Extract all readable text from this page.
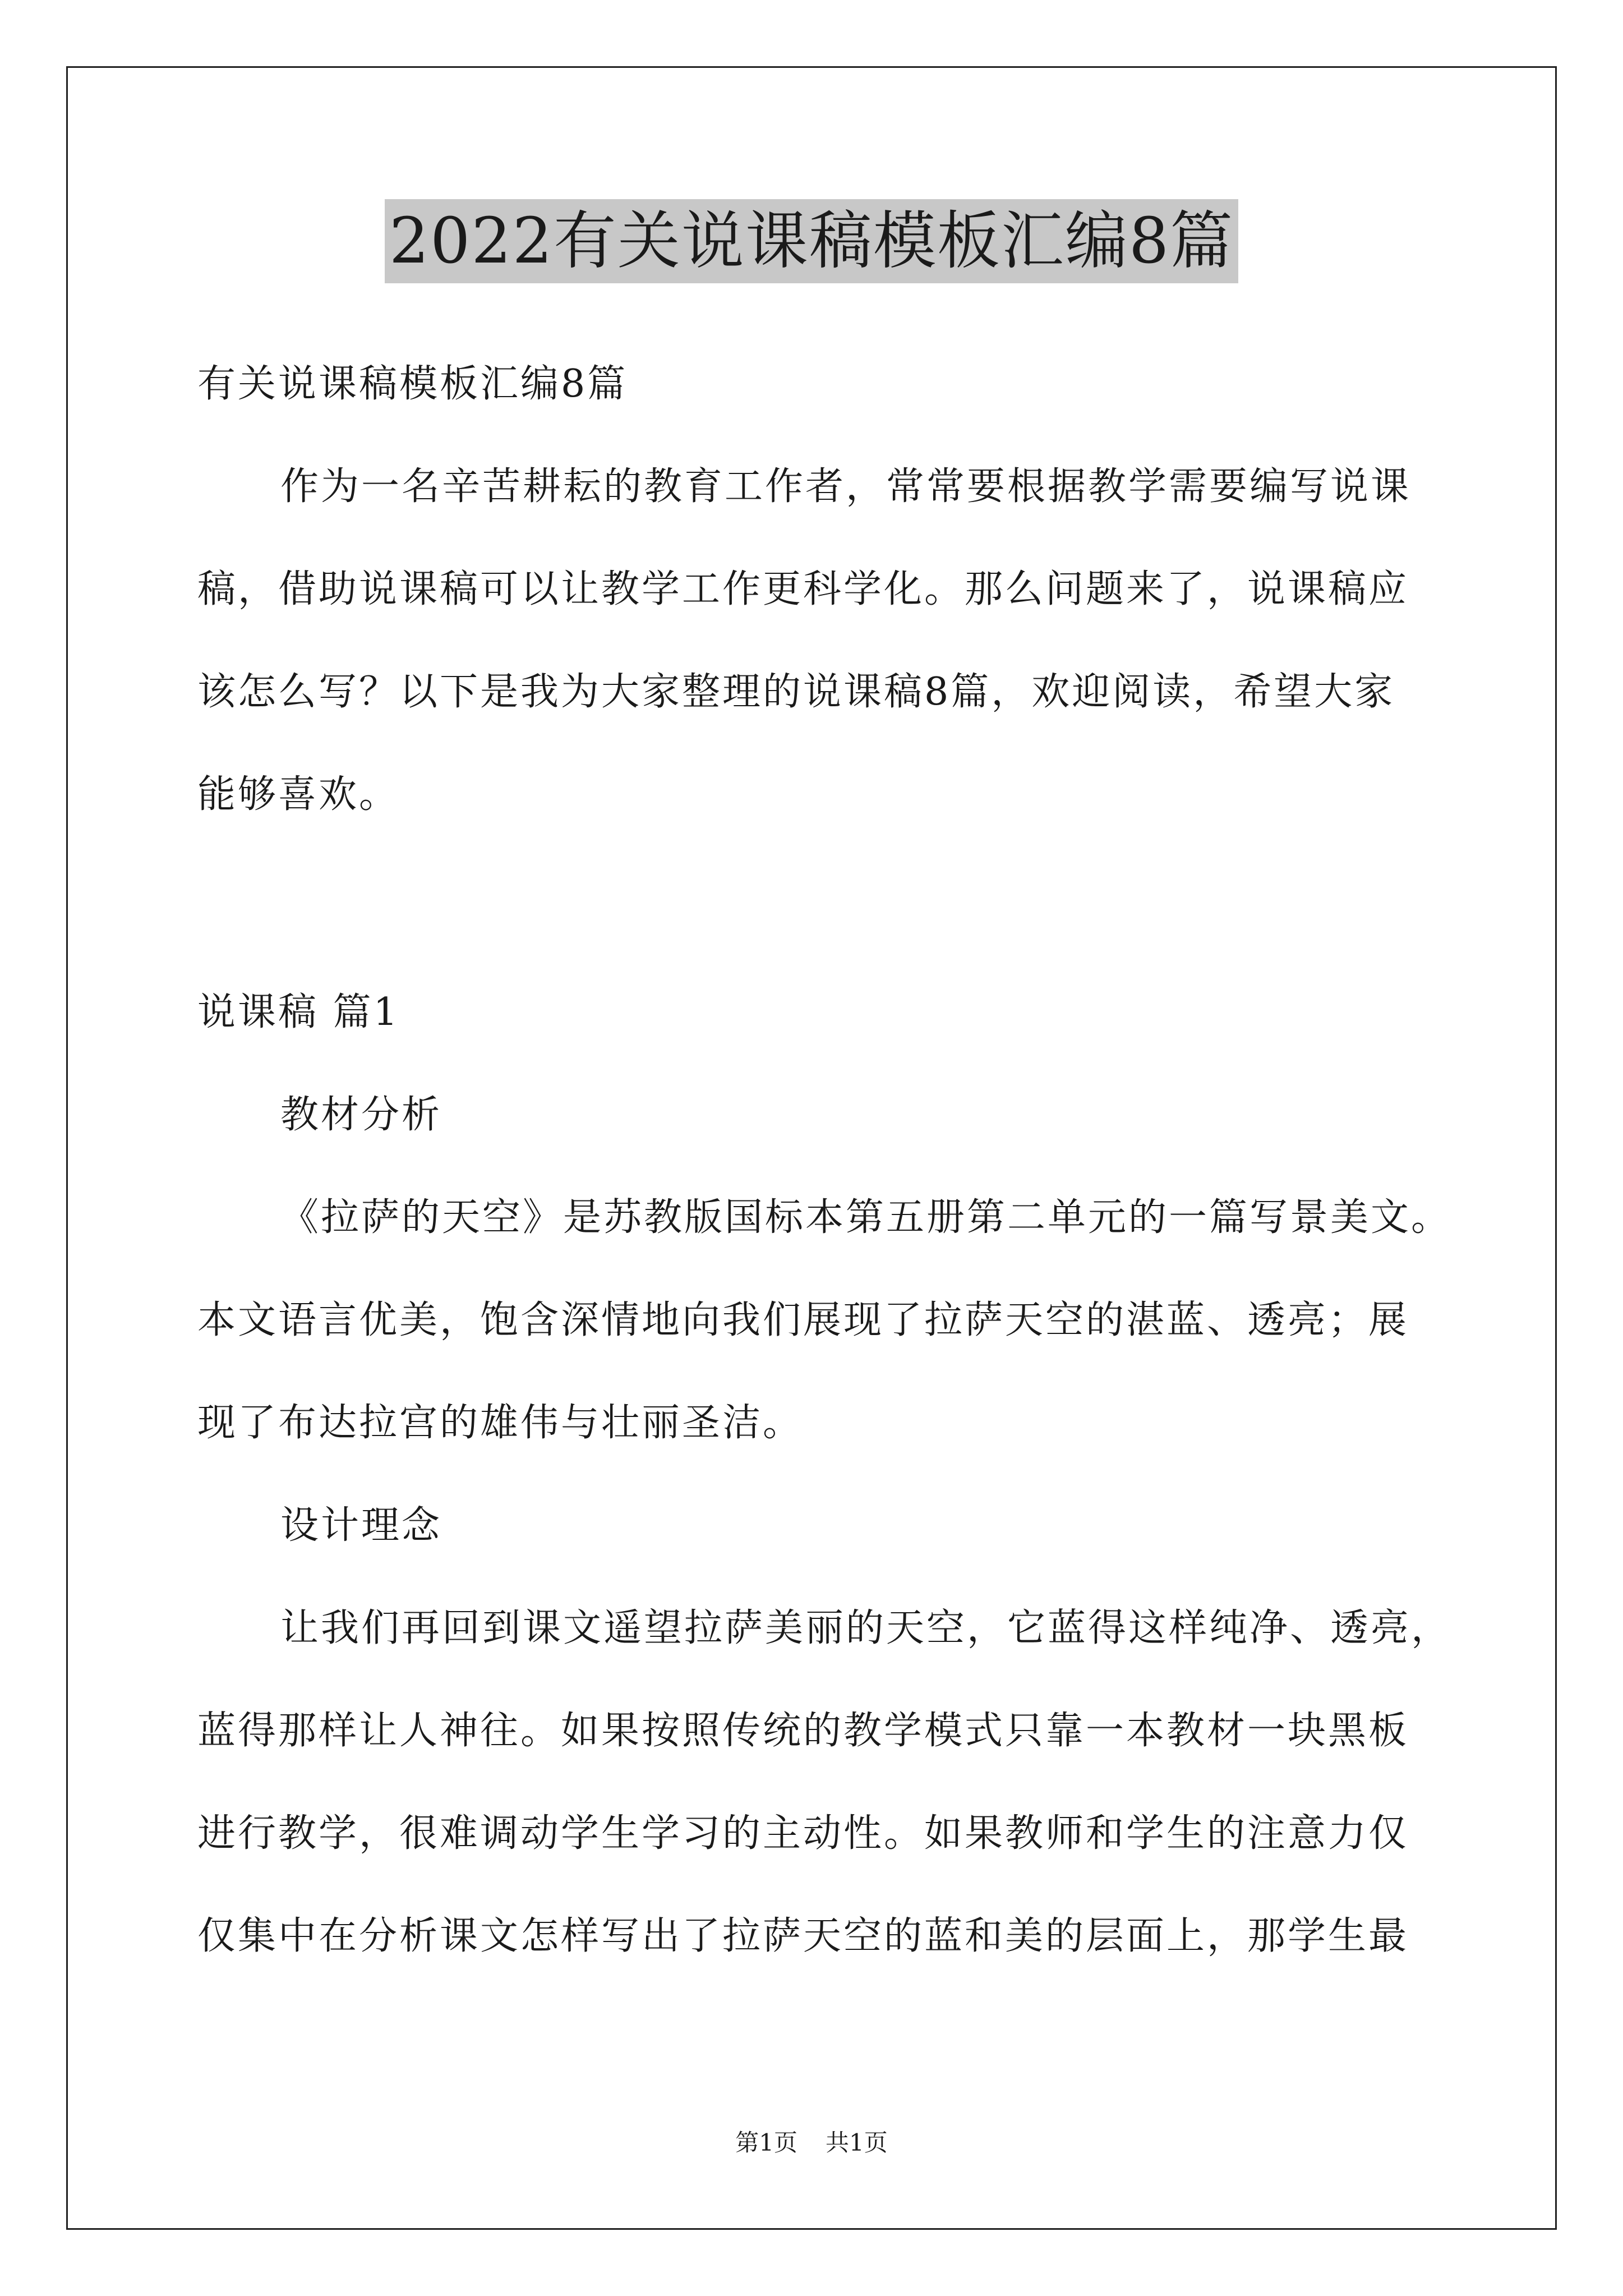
2022有关说课稿模板汇编8篇

有关说课稿模板汇编8篇

作为一名辛苦耕耘的教育工作者，常常要根据教学需要编写说课

稿，借助说课稿可以让教学工作更科学化。那么问题来了，说课稿应

该怎么写？以下是我为大家整理的说课稿8篇，欢迎阅读，希望大家

能够喜欢。

说课稿 篇1

教材分析

《拉萨的天空》是苏教版国标本第五册第二单元的一篇写景美文。

本文语言优美，饱含深情地向我们展现了拉萨天空的湛蓝、透亮；展

现了布达拉宫的雄伟与壮丽圣洁。

设计理念

让我们再回到课文遥望拉萨美丽的天空，它蓝得这样纯净、透亮，

蓝得那样让人神往。如果按照传统的教学模式只靠一本教材一块黑板

进行教学，很难调动学生学习的主动性。如果教师和学生的注意力仅

仅集中在分析课文怎样写出了拉萨天空的蓝和美的层面上，那学生最

第1页 共1页
